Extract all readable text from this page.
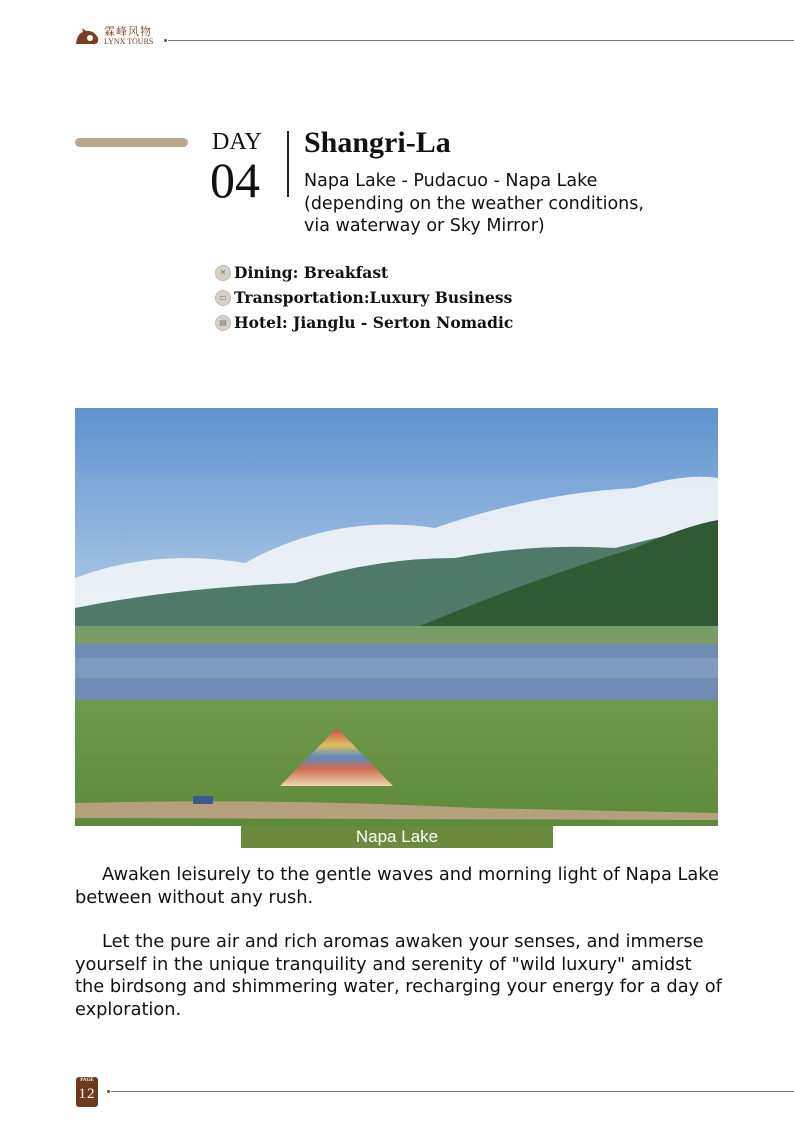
霖峰风物
LYNX TOURS
DAY
04
Shangri-La
Napa Lake - Pudacuo - Napa Lake (depending on the weather conditions, via waterway or Sky Mirror)
✕ Dining: Breakfast
▭ Transportation:Luxury Business
▤ Hotel: Jianglu - Serton Nomadic
Napa Lake
Awaken leisurely to the gentle waves and morning light of Napa Lake between without any rush.
Let the pure air and rich aromas awaken your senses, and immerse yourself in the unique tranquility and serenity of "wild luxury" amidst the birdsong and shimmering water, recharging your energy for a day of exploration.
PAGE
12
